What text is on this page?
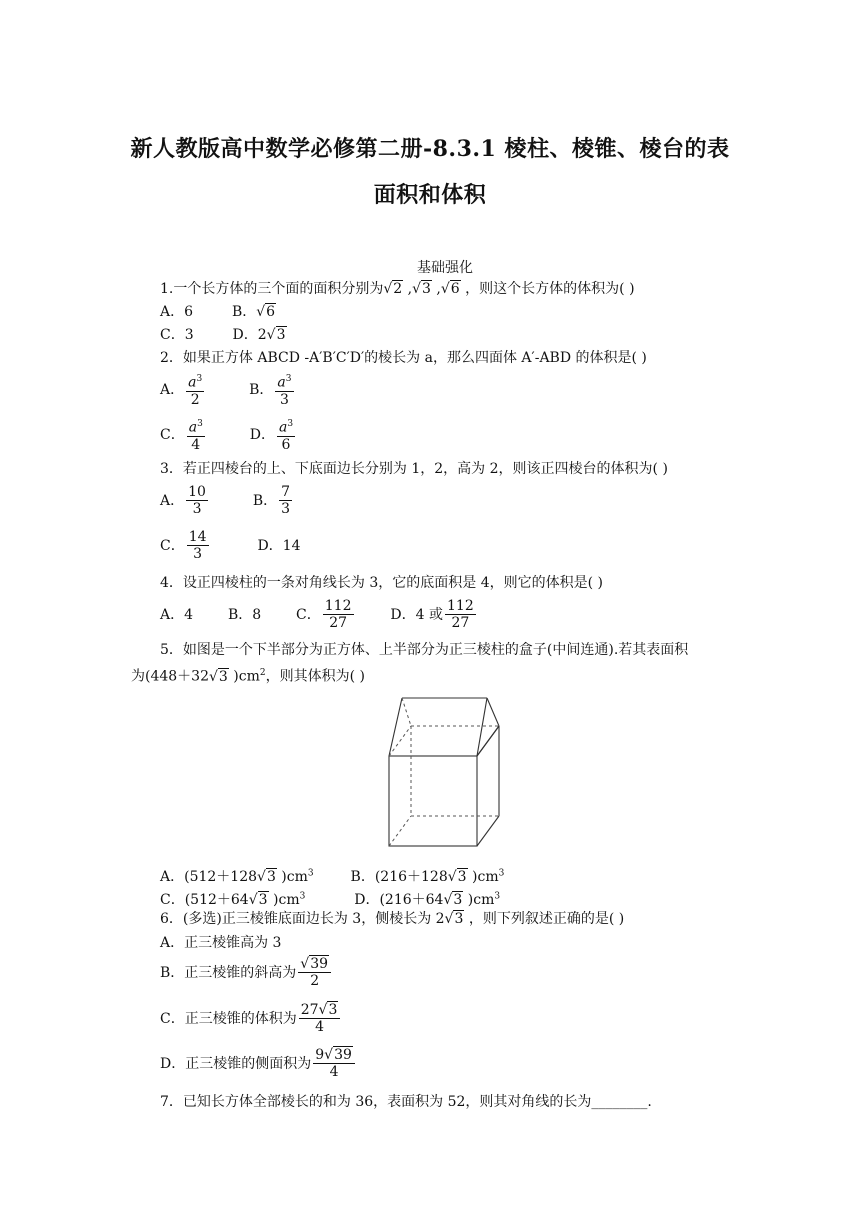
新人教版高中数学必修第二册-8.3.1 棱柱、棱锥、棱台的表
面积和体积
基础强化
1.一个长方体的三个面的面积分别为√2 ,√3 ,√6 ，则这个长方体的体积为( )
A．6	B．√6
C．3	D．2√3
2．如果正方体 ABCD -A′B′C′D′的棱长为 a，那么四面体 A′-ABD 的体积是( )
A． $\frac{a^3}{2}$	B． $\frac{a^3}{3}$
C． $\frac{a^3}{4}$	D． $\frac{a^3}{6}$
3．若正四棱台的上、下底面边长分别为 1，2，高为 2，则该正四棱台的体积为( )
A． $\frac{10}{3}$	B． $\frac{7}{3}$
C． $\frac{14}{3}$	D．14
4．设正四棱柱的一条对角线长为 3，它的底面积是 4，则它的体积是( )
A．4 B．8 C． $\frac{112}{27}$	D．4 或 $\frac{112}{27}$
5．如图是一个下半部分为正方体、上半部分为正三棱柱的盒子(中间连通).若其表面积
为(448＋32√3 )$cm^2$，则其体积为( )
A．(512＋128√3 )$cm^3$	B．(216＋128√3 )$cm^3$
C．(512＋64√3 )$cm^3$	D．(216＋64√3 )$cm^3$
6．(多选)正三棱锥底面边长为 3，侧棱长为 2√3 ，则下列叙述正确的是( )
A．正三棱锥高为 3
B．正三棱锥的斜高为 $\frac{√39}{2}$
C．正三棱锥的体积为 $\frac{27√3}{4}$
D．正三棱锥的侧面积为 $\frac{9√39}{4}$
7．已知长方体全部棱长的和为 36，表面积为 52，则其对角线的长为________.
